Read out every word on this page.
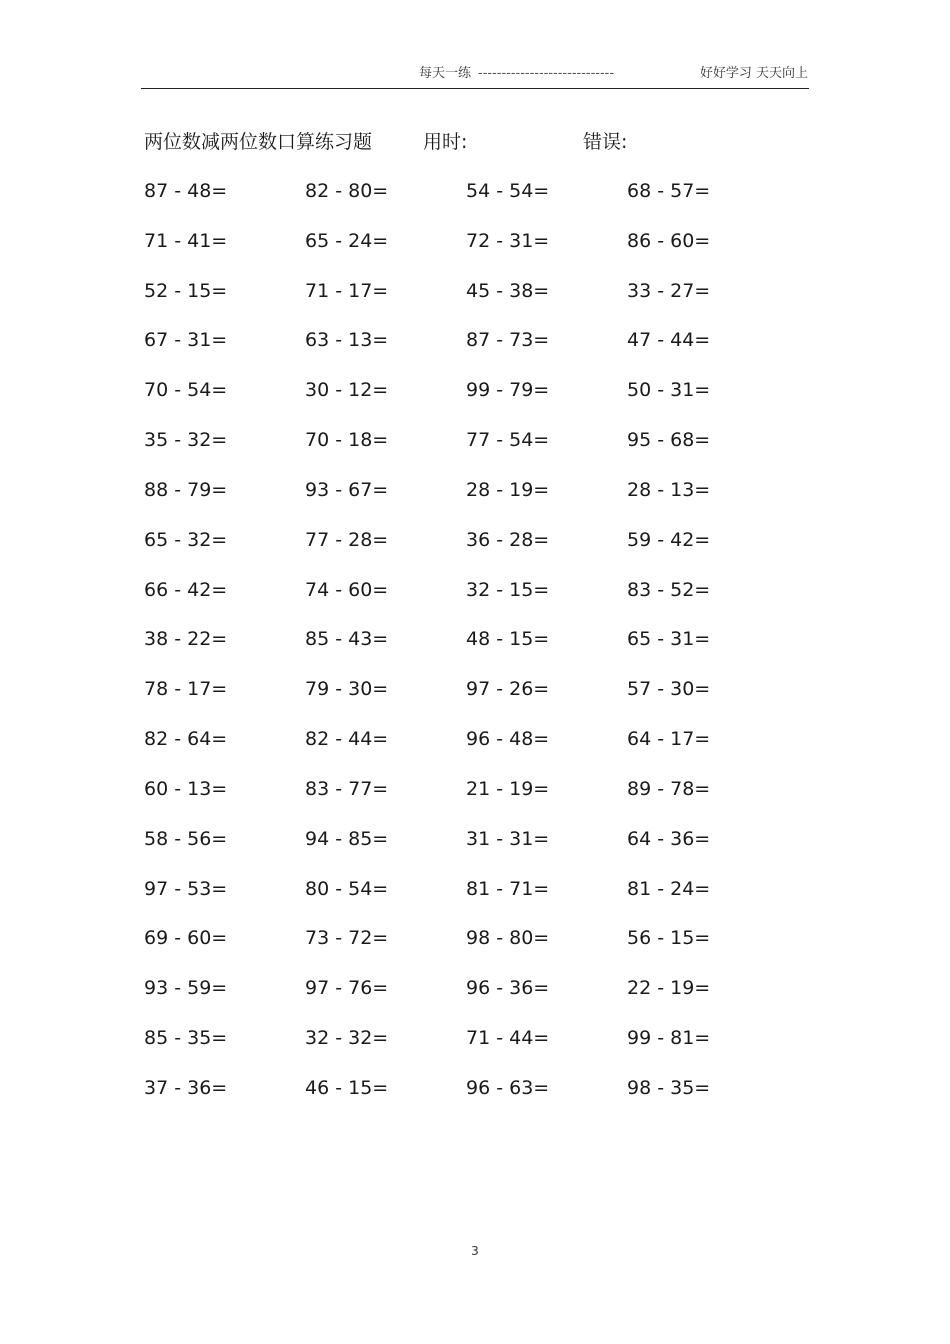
每天一练 -----------------------------	好好学习 天天向上
两位数减两位数口算练习题	用时:	错误:
87 - 48=	82 - 80=	54 - 54=	68 - 57=
71 - 41=	65 - 24=	72 - 31=	86 - 60=
52 - 15=	71 - 17=	45 - 38=	33 - 27=
67 - 31=	63 - 13=	87 - 73=	47 - 44=
70 - 54=	30 - 12=	99 - 79=	50 - 31=
35 - 32=	70 - 18=	77 - 54=	95 - 68=
88 - 79=	93 - 67=	28 - 19=	28 - 13=
65 - 32=	77 - 28=	36 - 28=	59 - 42=
66 - 42=	74 - 60=	32 - 15=	83 - 52=
38 - 22=	85 - 43=	48 - 15=	65 - 31=
78 - 17=	79 - 30=	97 - 26=	57 - 30=
82 - 64=	82 - 44=	96 - 48=	64 - 17=
60 - 13=	83 - 77=	21 - 19=	89 - 78=
58 - 56=	94 - 85=	31 - 31=	64 - 36=
97 - 53=	80 - 54=	81 - 71=	81 - 24=
69 - 60=	73 - 72=	98 - 80=	56 - 15=
93 - 59=	97 - 76=	96 - 36=	22 - 19=
85 - 35=	32 - 32=	71 - 44=	99 - 81=
37 - 36=	46 - 15=	96 - 63=	98 - 35=
3
